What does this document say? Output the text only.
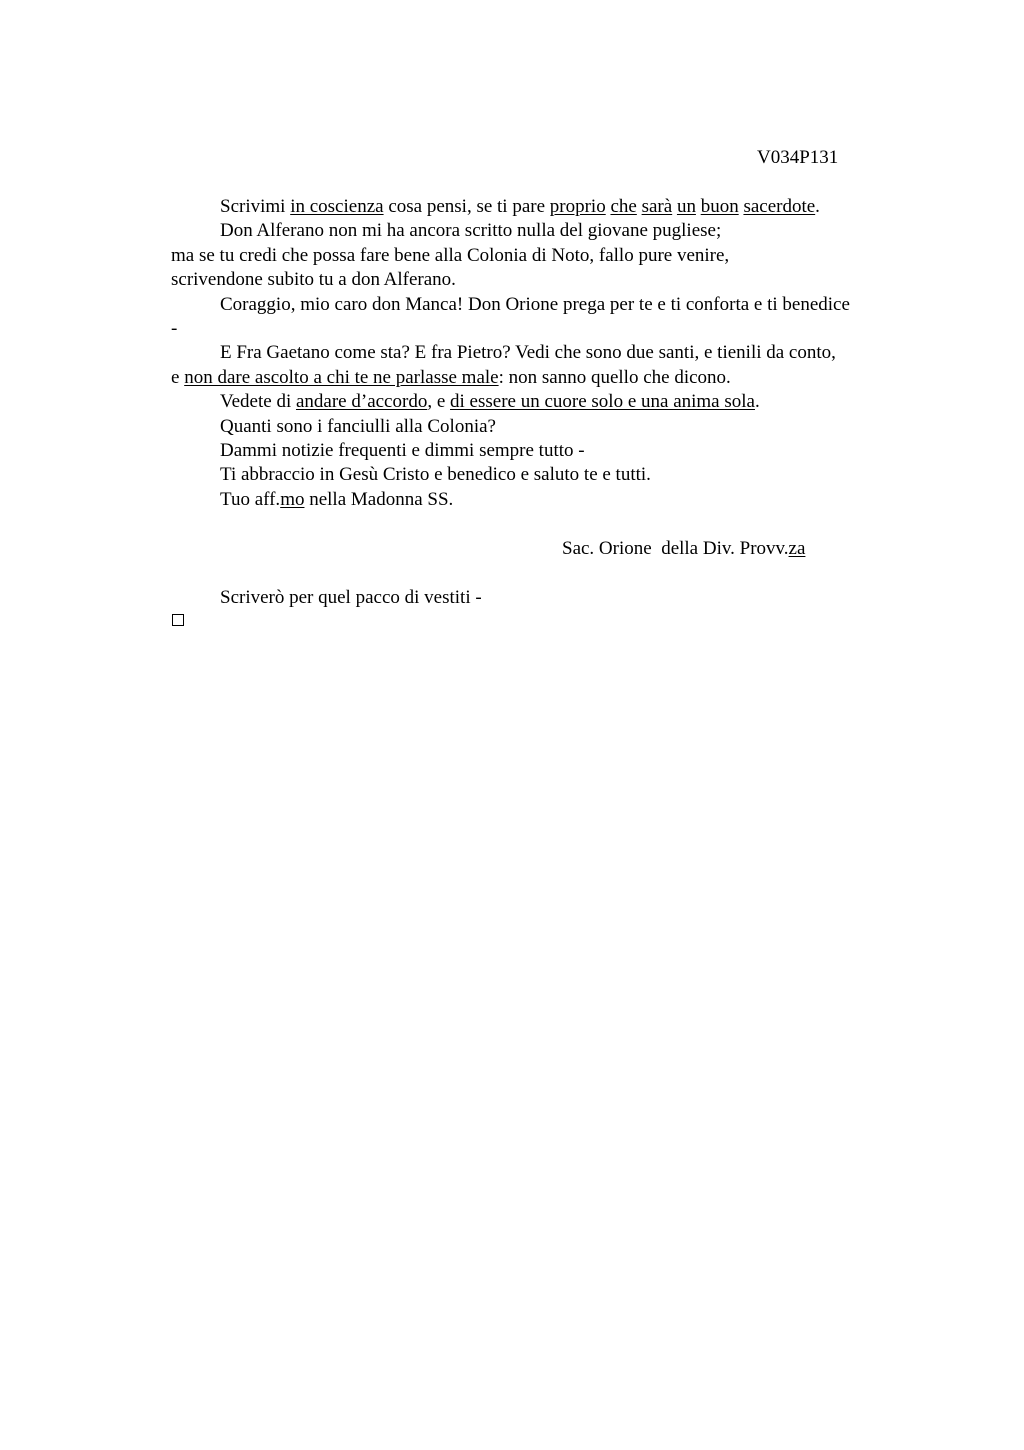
V034P131
Scrivimi in coscienza cosa pensi, se ti pare proprio che sarà un buon sacerdote.
Don Alferano non mi ha ancora scritto nulla del giovane pugliese;
ma se tu credi che possa fare bene alla Colonia di Noto, fallo pure venire,
scrivendone subito tu a don Alferano.
Coraggio, mio caro don Manca! Don Orione prega per te e ti conforta e ti benedice
-
E Fra Gaetano come sta? E fra Pietro? Vedi che sono due santi, e tienili da conto,
e non dare ascolto a chi te ne parlasse male: non sanno quello che dicono.
Vedete di andare d’accordo, e di essere un cuore solo e una anima sola.
Quanti sono i fanciulli alla Colonia?
Dammi notizie frequenti e dimmi sempre tutto -
Ti abbraccio in Gesù Cristo e benedico e saluto te e tutti.
Tuo aff.mo nella Madonna SS.
Sac. Orione  della Div. Provv.za
Scriverò per quel pacco di vestiti -
